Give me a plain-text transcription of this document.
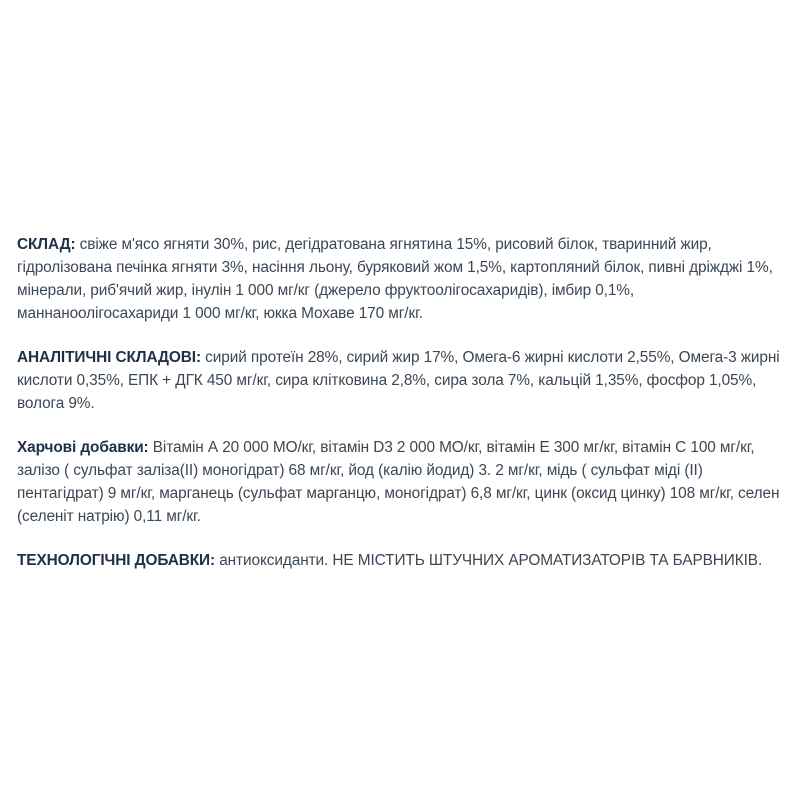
СКЛАД: свіже м'ясо ягняти 30%, рис, дегідратована ягнятина 15%, рисовий білок, тваринний жир, гідролізована печінка ягняти 3%, насіння льону, буряковий жом 1,5%, картопляний білок, пивні дріжджі 1%, мінерали, риб'ячий жир, інулін 1 000 мг/кг (джерело фруктоолігосахаридів), імбир 0,1%, маннаноолігосахариди 1 000 мг/кг, юкка Мохаве 170 мг/кг.

АНАЛІТИЧНІ СКЛАДОВІ: сирий протеїн 28%, сирий жир 17%, Омега-6 жирні кислоти 2,55%, Омега-3 жирні кислоти 0,35%, ЕПК + ДГК 450 мг/кг, сира клітковина 2,8%, сира зола 7%, кальцій 1,35%, фосфор 1,05%, волога 9%.

Харчові добавки: Вітамін А 20 000 МО/кг, вітамін D3 2 000 МО/кг, вітамін Е 300 мг/кг, вітамін С 100 мг/кг, залізо ( сульфат заліза(ІІ) моногідрат) 68 мг/кг, йод (калію йодид) 3. 2 мг/кг, мідь ( сульфат міді (ІІ) пентагідрат) 9 мг/кг, марганець (сульфат марганцю, моногідрат) 6,8 мг/кг, цинк (оксид цинку) 108 мг/кг, селен (селеніт натрію) 0,11 мг/кг.

ТЕХНОЛОГІЧНІ ДОБАВКИ: антиоксиданти. НЕ МІСТИТЬ ШТУЧНИХ АРОМАТИЗАТОРІВ ТА БАРВНИКІВ.
